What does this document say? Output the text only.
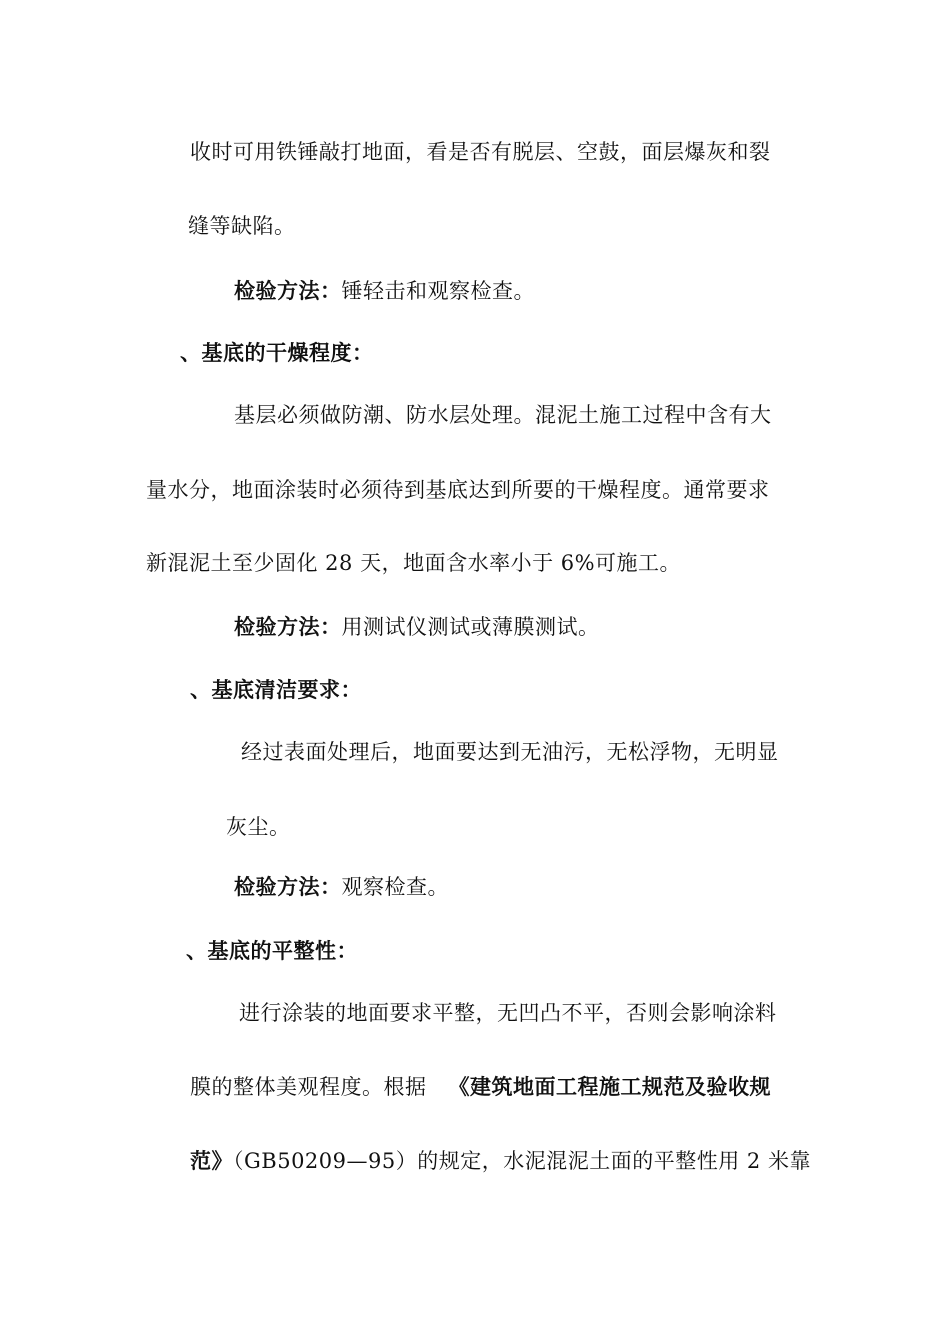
收时可用铁锤敲打地面，看是否有脱层、空鼓，面层爆灰和裂
缝等缺陷。
检验方法：锤轻击和观察检查。
、基底的干燥程度：
基层必须做防潮、防水层处理。混泥土施工过程中含有大
量水分，地面涂装时必须待到基底达到所要的干燥程度。通常要求
新混泥土至少固化 28 天，地面含水率小于 6%可施工。
检验方法：用测试仪测试或薄膜测试。
、基底清洁要求：
经过表面处理后，地面要达到无油污，无松浮物，无明显
灰尘。
检验方法：观察检查。
、基底的平整性：
进行涂装的地面要求平整，无凹凸不平，否则会影响涂料
膜的整体美观程度。根据 《建筑地面工程施工规范及验收规
范》（GB50209—95）的规定，水泥混泥土面的平整性用 2 米靠
